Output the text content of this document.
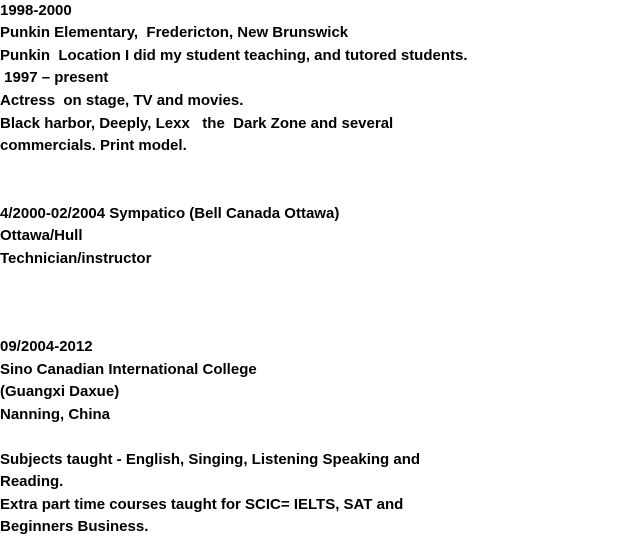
1998-2000
Punkin Elementary,  Fredericton, New Brunswick
Punkin  Location I did my student teaching, and tutored students.
1997 – present
Actress  on stage, TV and movies.
Black harbor, Deeply, Lexx   the  Dark Zone and several
commercials. Print model.
4/2000-02/2004 Sympatico (Bell Canada Ottawa)
Ottawa/Hull
Technician/instructor
09/2004-2012
Sino Canadian International College
(Guangxi Daxue)
Nanning, China
Subjects taught - English, Singing, Listening Speaking and
Reading.
Extra part time courses taught for SCIC= IELTS, SAT and
Beginners Business.
